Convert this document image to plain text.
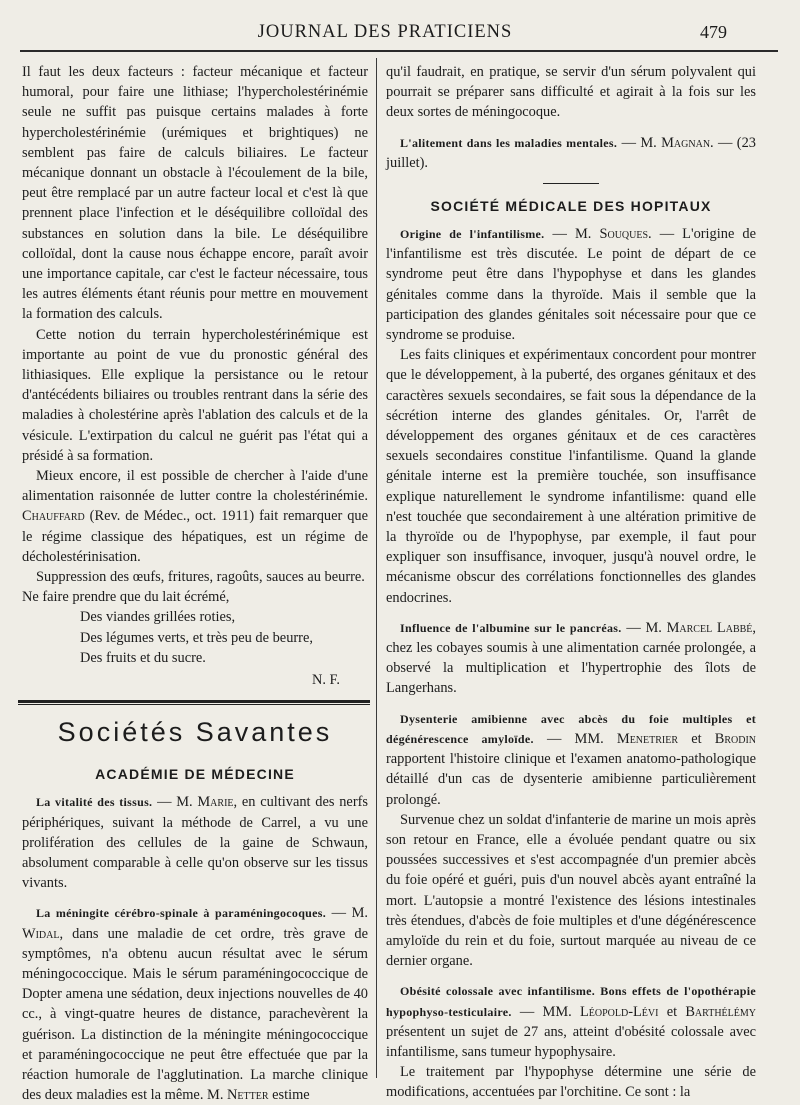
JOURNAL DES PRATICIENS	479

Il faut les deux facteurs : facteur mécanique et facteur humoral, pour faire une lithiase; l'hypercholestérinémie seule ne suffit pas puisque certains malades à forte hypercholestérinémie (urémiques et brightiques) ne semblent pas faire de calculs biliaires. Le facteur mécanique donnant un obstacle à l'écoulement de la bile, peut être remplacé par un autre facteur local et c'est là que prennent place l'infection et le déséquilibre colloïdal des substances en solution dans la bile. Le déséquilibre colloïdal, dont la cause nous échappe encore, paraît avoir une importance capitale, car c'est le facteur nécessaire, tous les autres éléments étant réunis pour mettre en mouvement la formation des calculs.

Cette notion du terrain hypercholestérinémique est importante au point de vue du pronostic général des lithiasiques. Elle explique la persistance ou le retour d'antécédents biliaires ou troubles rentrant dans la série des maladies à cholestérine après l'ablation des calculs et de la vésicule. L'extirpation du calcul ne guérit pas l'état qui a présidé à sa formation.

Mieux encore, il est possible de chercher à l'aide d'une alimentation raisonnée de lutter contre la cholestérinémie. Chauffard (Rev. de Médec., oct. 1911) fait remarquer que le régime classique des hépatiques, est un régime de décholestérinisation.

Suppression des œufs, fritures, ragoûts, sauces au beurre.

Ne faire prendre que du lait écrémé,

Des viandes grillées roties,

Des légumes verts, et très peu de beurre,

Des fruits et du sucre.

N. F.

Sociétés Savantes
ACADÉMIE DE MÉDECINE

La vitalité des tissus. — M. Marie, en cultivant des nerfs périphériques, suivant la méthode de Carrel, a vu une prolifération des cellules de la gaine de Schwaun, absolument comparable à celle qu'on observe sur les tissus vivants.

La méningite cérébro-spinale à paraméningocoques. — M. Widal, dans une maladie de cet ordre, très grave de symptômes, n'a obtenu aucun résultat avec le sérum méningococcique. Mais le sérum paraméningococcique de Dopter amena une sédation, deux injections nouvelles de 40 cc., à vingt-quatre heures de distance, parachevèrent la guérison. La distinction de la méningite méningococcique et paraméningococcique ne peut être effectuée que par la réaction humorale de l'agglutination. La marche clinique des deux maladies est la même. M. Netter estime

qu'il faudrait, en pratique, se servir d'un sérum polyvalent qui pourrait se préparer sans difficulté et agirait à la fois sur les deux sortes de méningocoque.

L'alitement dans les maladies mentales. — M. Magnan. — (23 juillet).

SOCIÉTÉ MÉDICALE DES HOPITAUX

Origine de l'infantilisme. — M. Souques. — L'origine de l'infantilisme est très discutée. Le point de départ de ce syndrome peut être dans l'hypophyse et dans les glandes génitales comme dans la thyroïde. Mais il semble que la participation des glandes génitales soit nécessaire pour que ce syndrome se produise.

Les faits cliniques et expérimentaux concordent pour montrer que le développement, à la puberté, des organes génitaux et des caractères sexuels secondaires, se fait sous la dépendance de la sécrétion interne des glandes génitales. Or, l'arrêt de développement des organes génitaux et de ces caractères sexuels secondaires constitue l'infantilisme. Quand la glande génitale interne est la première touchée, son insuffisance explique naturellement le syndrome infantilisme: quand elle n'est touchée que secondairement à une altération primitive de la thyroïde ou de l'hypophyse, par exemple, il faut pour expliquer son insuffisance, invoquer, jusqu'à nouvel ordre, le mécanisme obscur des corrélations fonctionnelles des glandes endocrines.

Influence de l'albumine sur le pancréas. — M. Marcel Labbé, chez les cobayes soumis à une alimentation carnée prolongée, a observé la multiplication et l'hypertrophie des îlots de Langerhans.

Dysenterie amibienne avec abcès du foie multiples et dégénérescence amyloïde. — MM. Menetrier et Brodin rapportent l'histoire clinique et l'examen anatomo-pathologique détaillé d'un cas de dysenterie amibienne particulièrement prolongé.

Survenue chez un soldat d'infanterie de marine un mois après son retour en France, elle a évoluée pendant quatre ou six poussées successives et s'est accompagnée d'un premier abcès du foie opéré et guéri, puis d'un nouvel abcès ayant entraîné la mort. L'autopsie a montré l'existence des lésions intestinales très étendues, d'abcès de foie multiples et d'une dégénérescence amyloïde du rein et du foie, surtout marquée au niveau de ce dernier organe.

Obésité colossale avec infantilisme. Bons effets de l'opothérapie hypophyso-testiculaire. — MM. Léopold-Lévi et Barthélémy présentent un sujet de 27 ans, atteint d'obésité colossale avec infantilisme, sans tumeur hypophysaire.

Le traitement par l'hypophyse détermine une série de modifications, accentuées par l'orchitine. Ce sont : la
